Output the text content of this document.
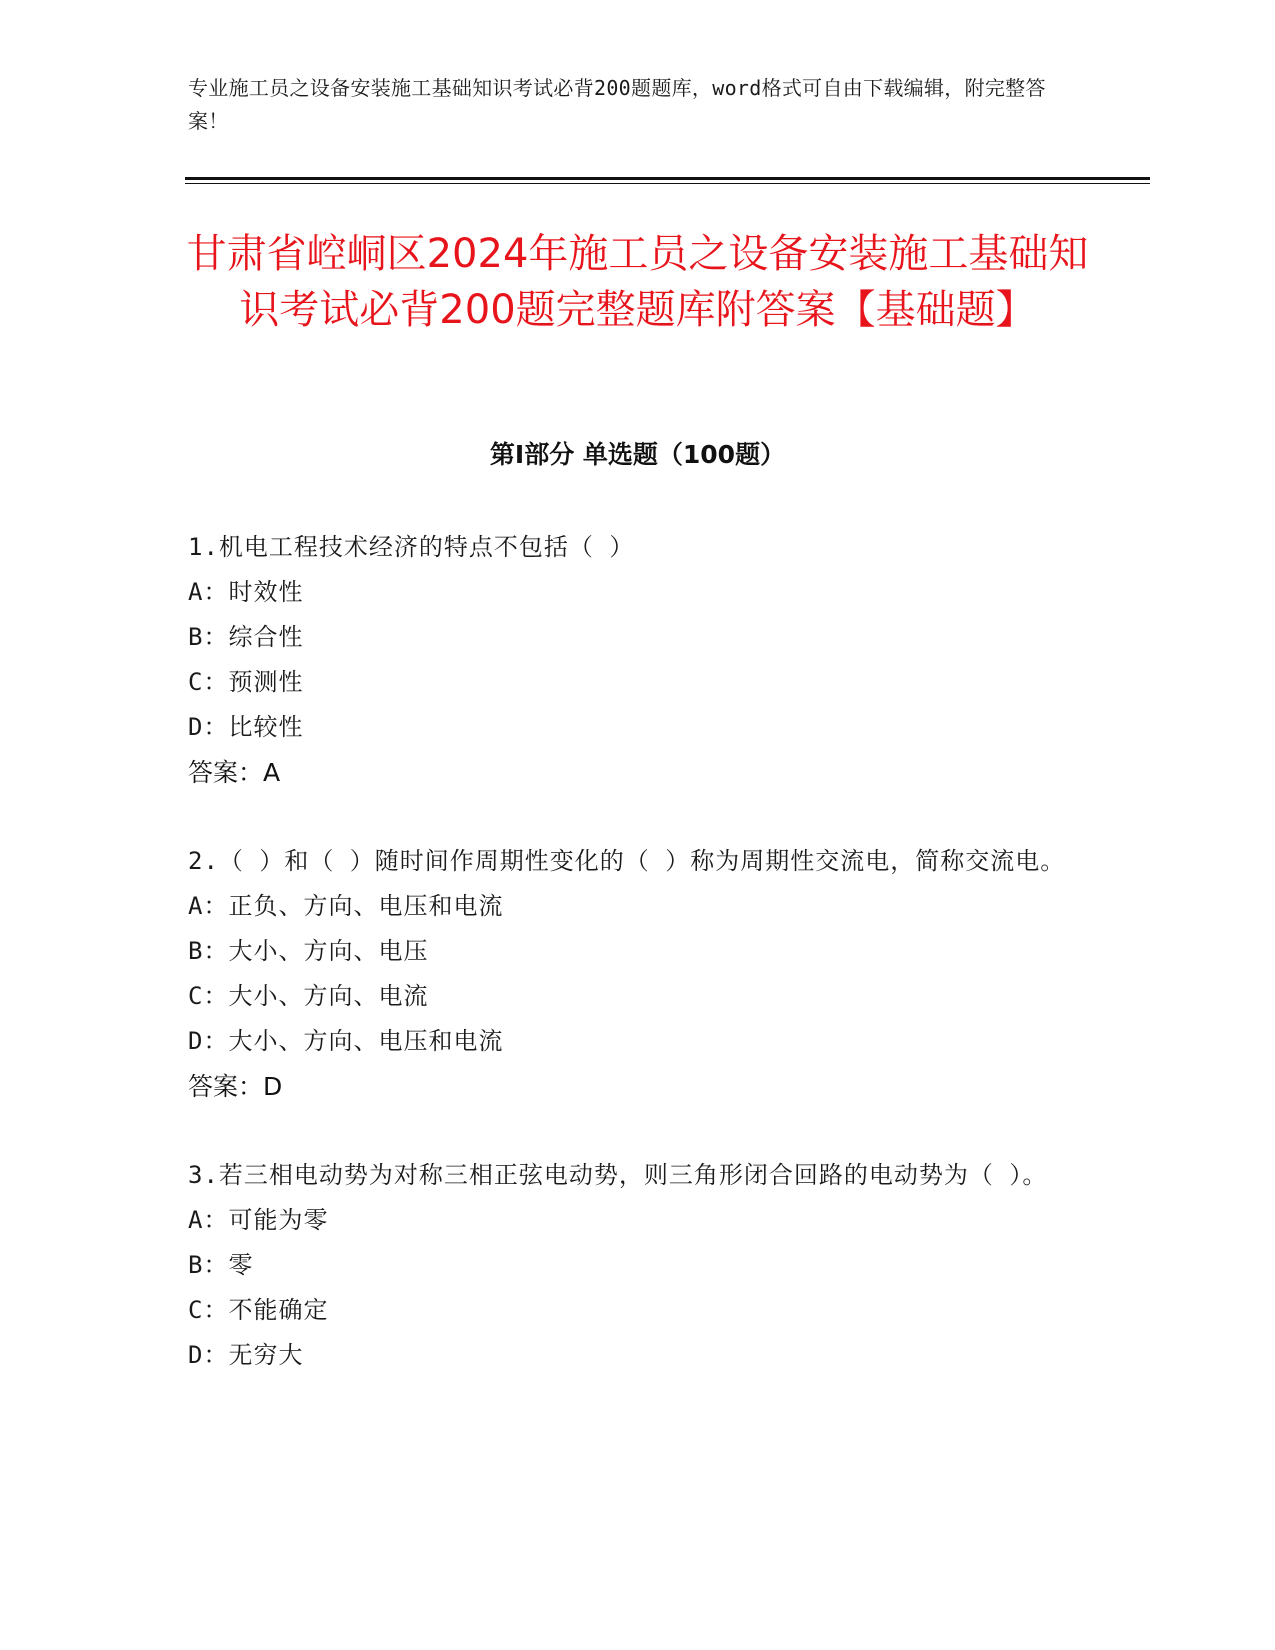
专业施工员之设备安装施工基础知识考试必背200题题库，word格式可自由下载编辑，附完整答案！
甘肃省崆峒区2024年施工员之设备安装施工基础知识考试必背200题完整题库附答案【基础题】
第Ⅰ部分 单选题（100题）
1.机电工程技术经济的特点不包括（ ）
A：时效性
B：综合性
C：预测性
D：比较性
答案：A
2.（ ）和（ ）随时间作周期性变化的（ ）称为周期性交流电，简称交流电。
A：正负、方向、电压和电流
B：大小、方向、电压
C：大小、方向、电流
D：大小、方向、电压和电流
答案：D
3.若三相电动势为对称三相正弦电动势，则三角形闭合回路的电动势为（ ）。
A：可能为零
B：零
C：不能确定
D：无穷大
